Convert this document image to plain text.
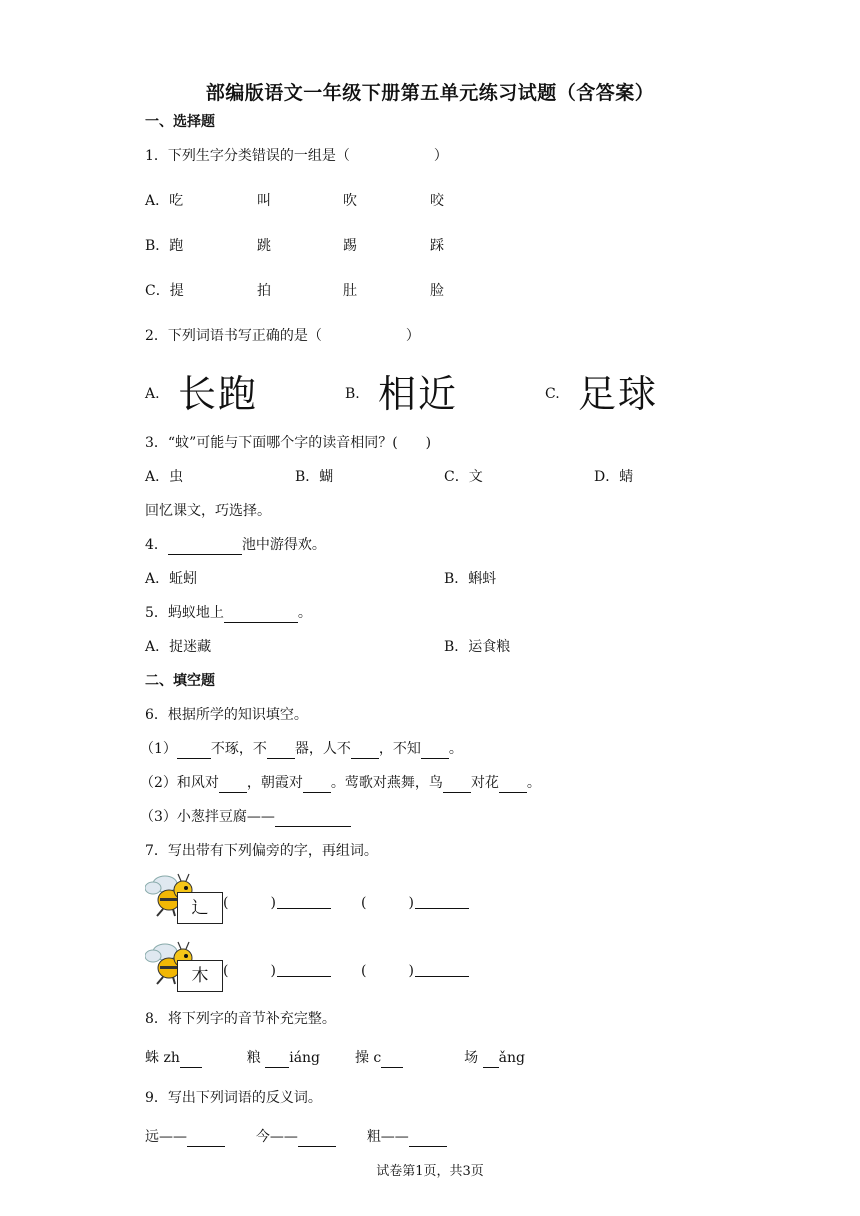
部编版语文一年级下册第五单元练习试题（含答案）
一、选择题
1．下列生字分类错误的一组是（　　　　　　）
A．吃	叫	吹	咬
B．跑	跳	踢	踩
C．提	拍	肚	脸
2．下列词语书写正确的是（　　　　　　）
A. 长跑	B. 相近	C. 足球
3．“蚊”可能与下面哪个字的读音相同？(　　)
A．虫	B．蝴	C．文	D．蜻
回忆课文，巧选择。
4．	池中游得欢。
A．蚯蚓	B．蝌蚪
5．蚂蚁地上	。
A．捉迷藏	B．运食粮
二、填空题
6．根据所学的知识填空。
（1） 不琢，不 器，人不 ，不知 。
（2）和风对 ，朝霞对 。莺歌对燕舞，鸟 对花 。
（3）小葱拌豆腐——
7．写出带有下列偏旁的字，再组词。
辶	(　　　)
	(　　　)

木	(　　　)
	(　　　)

8．将下列字的音节补充完整。
蛛 zh	粮 iáng 操 c	场 ǎng
9．写出下列词语的反义词。
远——	今——	粗——
试卷第1页，共3页
